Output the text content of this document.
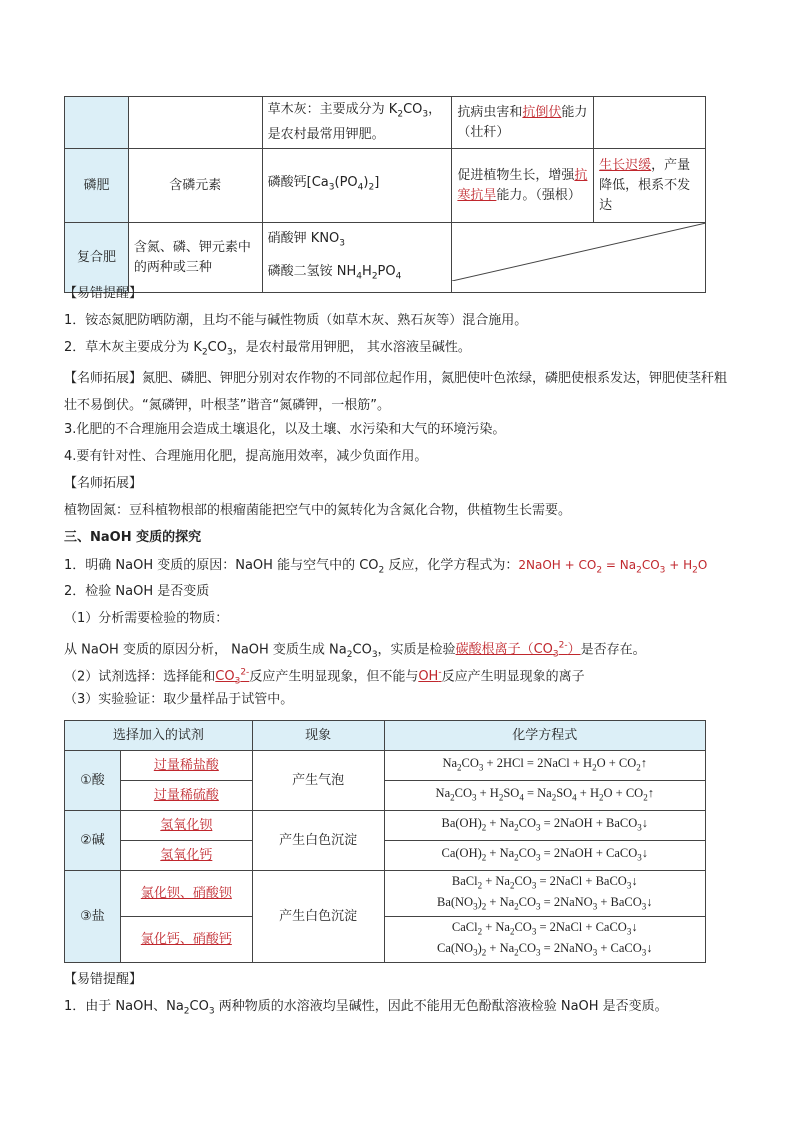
		草木灰：主要成分为 $K_2CO_3$，是农村最常用钾肥。	抗病虫害和抗倒伏能力（壮秆）	
磷肥	含磷元素	磷酸钙$[Ca_3(PO_4)_2]$	促进植物生长，增强抗寒抗旱能力。（强根）	生长迟缓，产量降低，根系不发达
复合肥	含氮、磷、钾元素中的两种或三种	硝酸钾 $KNO_3$
磷酸二氢铵 $NH_4H_2PO_4$

【易错提醒】
1．铵态氮肥防晒防潮，且均不能与碱性物质（如草木灰、熟石灰等）混合施用。
2．草木灰主要成分为 $K_2CO_3$，是农村最常用钾肥， 其水溶液呈碱性。
【名师拓展】氮肥、磷肥、钾肥分别对农作物的不同部位起作用，氮肥使叶色浓绿，磷肥使根系发达，钾肥使茎秆粗壮不易倒伏。“氮磷钾，叶根茎”谐音“氮磷钾，一根筋”。
3.化肥的不合理施用会造成土壤退化，以及土壤、水污染和大气的环境污染。
4.要有针对性、合理施用化肥，提高施用效率，减少负面作用。
【名师拓展】
植物固氮：豆科植物根部的根瘤菌能把空气中的氮转化为含氮化合物，供植物生长需要。
三、NaOH 变质的探究
1．明确 NaOH 变质的原因：NaOH 能与空气中的 $CO_2$ 反应，化学方程式为：2NaOH + $CO_2 = Na_2CO_3 + H_2O$
2．检验 NaOH 是否变质
（1）分析需要检验的物质：
从 NaOH 变质的原因分析， NaOH 变质生成 $Na_2CO_3$，实质是检验碳酸根离子$(CO_3^{2-})$是否存在。
（2）试剂选择：选择能和$CO_3^{2-}$反应产生明显现象，但不能与OH-反应产生明显现象的离子
（3）实验验证：取少量样品于试管中。
选择加入的试剂		现象	化学方程式
①酸	过量稀盐酸	产生气泡	$Na_2CO_3 + 2HCl$ = 2NaCl + $H_2O$ + $CO_2↑$
	过量稀硫酸		$Na_2CO_3 + H_2SO_4 = Na_2SO_4 + H_2O$ + $CO_2↑$
②碱	氢氧化钡	产生白色沉淀	$Ba(OH)_2 + Na_2CO_3$ = 2NaOH + BaCO$_3$↓
	氢氧化钙		$Ca(OH)_2 + Na_2CO_3$ = 2NaOH + CaCO$_3$↓
③盐	氯化钡、硝酸钡	产生白色沉淀	BaCl$_2$ + $Na_2CO_3$ = 2NaCl + BaCO$_3$↓
$Ba(NO_3)_2 + Na_2CO_3$ = 2NaNO$_3$ + BaCO$_3$↓

	氯化钙、硝酸钙		CaCl$_2$ + $Na_2CO_3$ = 2NaCl + CaCO$_3$↓
$Ca(NO_3)_2 + Na_2CO_3$ = 2NaNO$_3$ + CaCO$_3$↓
【易错提醒】
1．由于 NaOH、$Na_2CO_3$ 两种物质的水溶液均呈碱性，因此不能用无色酚酞溶液检验 NaOH 是否变质。
